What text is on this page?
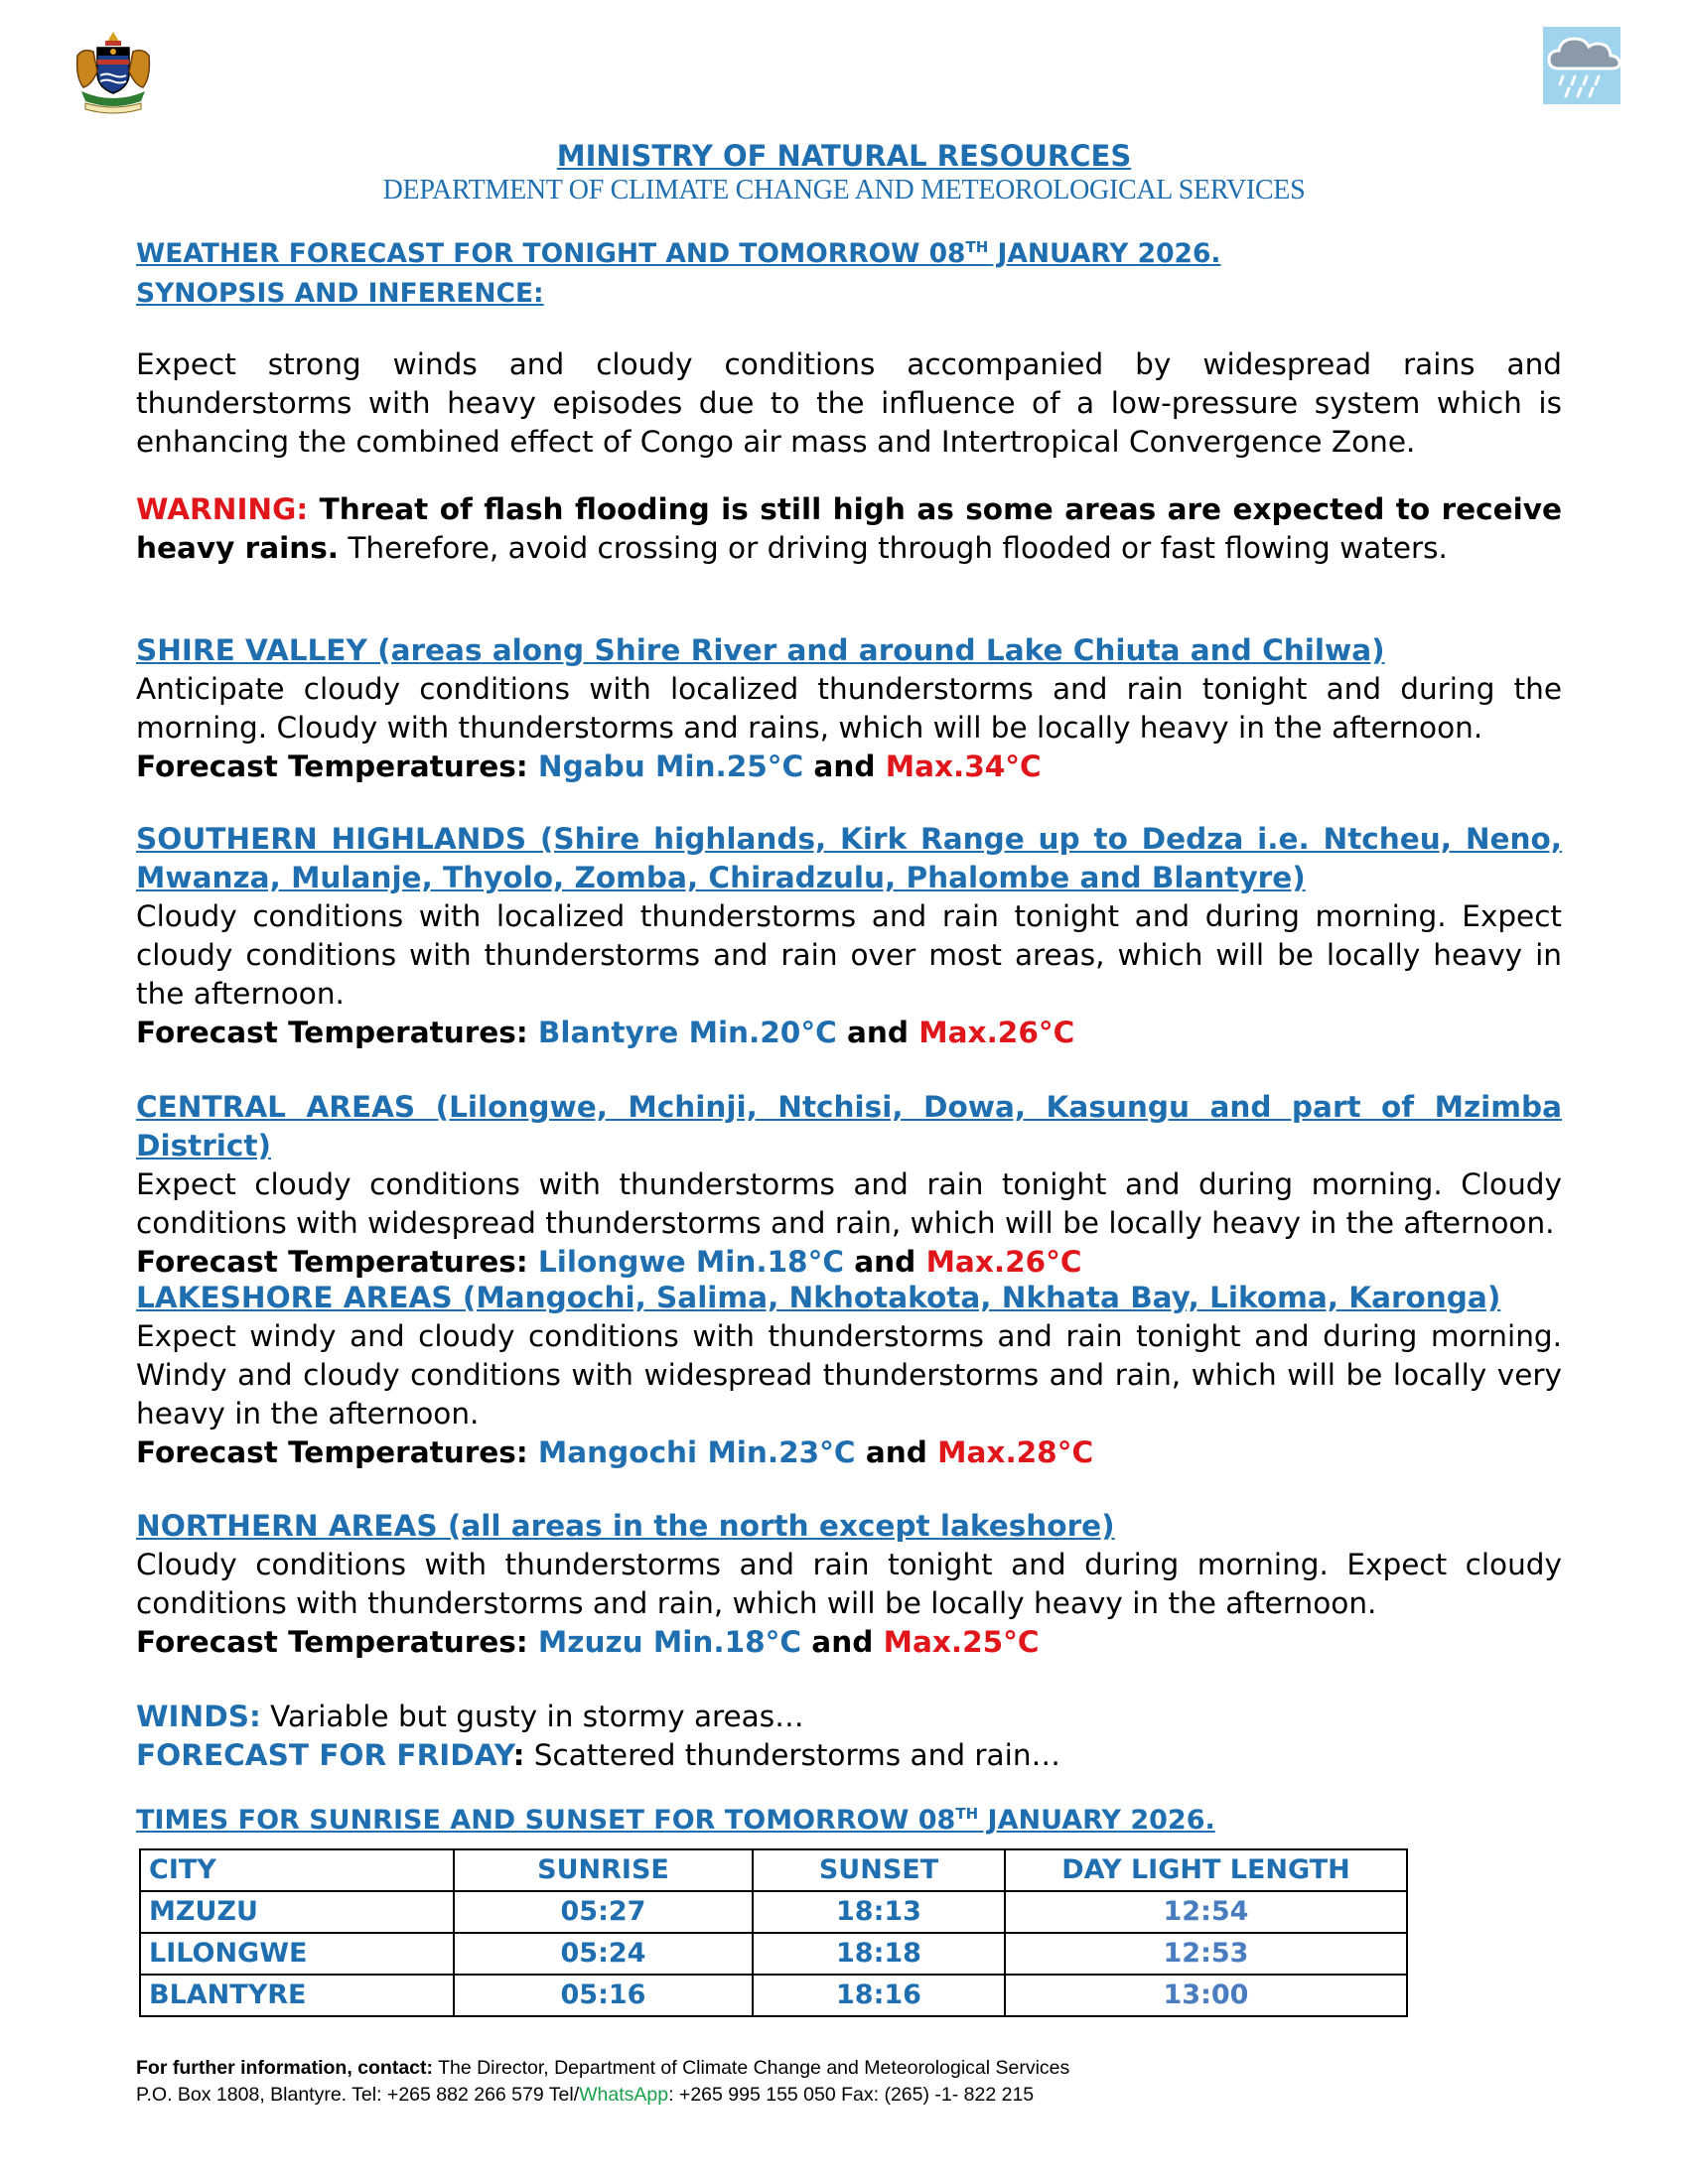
MINISTRY OF NATURAL RESOURCES
DEPARTMENT OF CLIMATE CHANGE AND METEOROLOGICAL SERVICES
WEATHER FORECAST FOR TONIGHT AND TOMORROW 08TH JANUARY 2026.
SYNOPSIS AND INFERENCE:

Expect strong winds and cloudy conditions accompanied by widespread rains and thunderstorms with heavy episodes due to the influence of a low-pressure system which is enhancing the combined effect of Congo air mass and Intertropical Convergence Zone.

WARNING: Threat of flash flooding is still high as some areas are expected to receive heavy rains. Therefore, avoid crossing or driving through flooded or fast flowing waters.

SHIRE VALLEY (areas along Shire River and around Lake Chiuta and Chilwa)

Anticipate cloudy conditions with localized thunderstorms and rain tonight and during the morning. Cloudy with thunderstorms and rains, which will be locally heavy in the afternoon.

Forecast Temperatures: Ngabu Min.25°C and Max.34°C

SOUTHERN HIGHLANDS (Shire highlands, Kirk Range up to Dedza i.e. Ntcheu, Neno, Mwanza, Mulanje, Thyolo, Zomba, Chiradzulu, Phalombe and Blantyre)

Cloudy conditions with localized thunderstorms and rain tonight and during morning. Expect cloudy conditions with thunderstorms and rain over most areas, which will be locally heavy in the afternoon.

Forecast Temperatures: Blantyre Min.20°C and Max.26°C

CENTRAL AREAS (Lilongwe, Mchinji, Ntchisi, Dowa, Kasungu and part of Mzimba District)

Expect cloudy conditions with thunderstorms and rain tonight and during morning. Cloudy conditions with widespread thunderstorms and rain, which will be locally heavy in the afternoon.

Forecast Temperatures: Lilongwe Min.18°C and Max.26°C

LAKESHORE AREAS (Mangochi, Salima, Nkhotakota, Nkhata Bay, Likoma, Karonga)

Expect windy and cloudy conditions with thunderstorms and rain tonight and during morning. Windy and cloudy conditions with widespread thunderstorms and rain, which will be locally very heavy in the afternoon.

Forecast Temperatures: Mangochi Min.23°C and Max.28°C

NORTHERN AREAS (all areas in the north except lakeshore)

Cloudy conditions with thunderstorms and rain tonight and during morning. Expect cloudy conditions with thunderstorms and rain, which will be locally heavy in the afternoon.

Forecast Temperatures: Mzuzu Min.18°C and Max.25°C

WINDS: Variable but gusty in stormy areas…

FORECAST FOR FRIDAY: Scattered thunderstorms and rain…

TIMES FOR SUNRISE AND SUNSET FOR TOMORROW 08TH JANUARY 2026.
CITY	SUNRISE	SUNSET	DAY LIGHT LENGTH
MZUZU	05:27	18:13	12:54
LILONGWE	05:24	18:18	12:53
BLANTYRE	05:16	18:16	13:00
For further information, contact: The Director, Department of Climate Change and Meteorological Services
P.O. Box 1808, Blantyre. Tel: +265 882 266 579 Tel/WhatsApp: +265 995 155 050 Fax: (265) -1- 822 215
